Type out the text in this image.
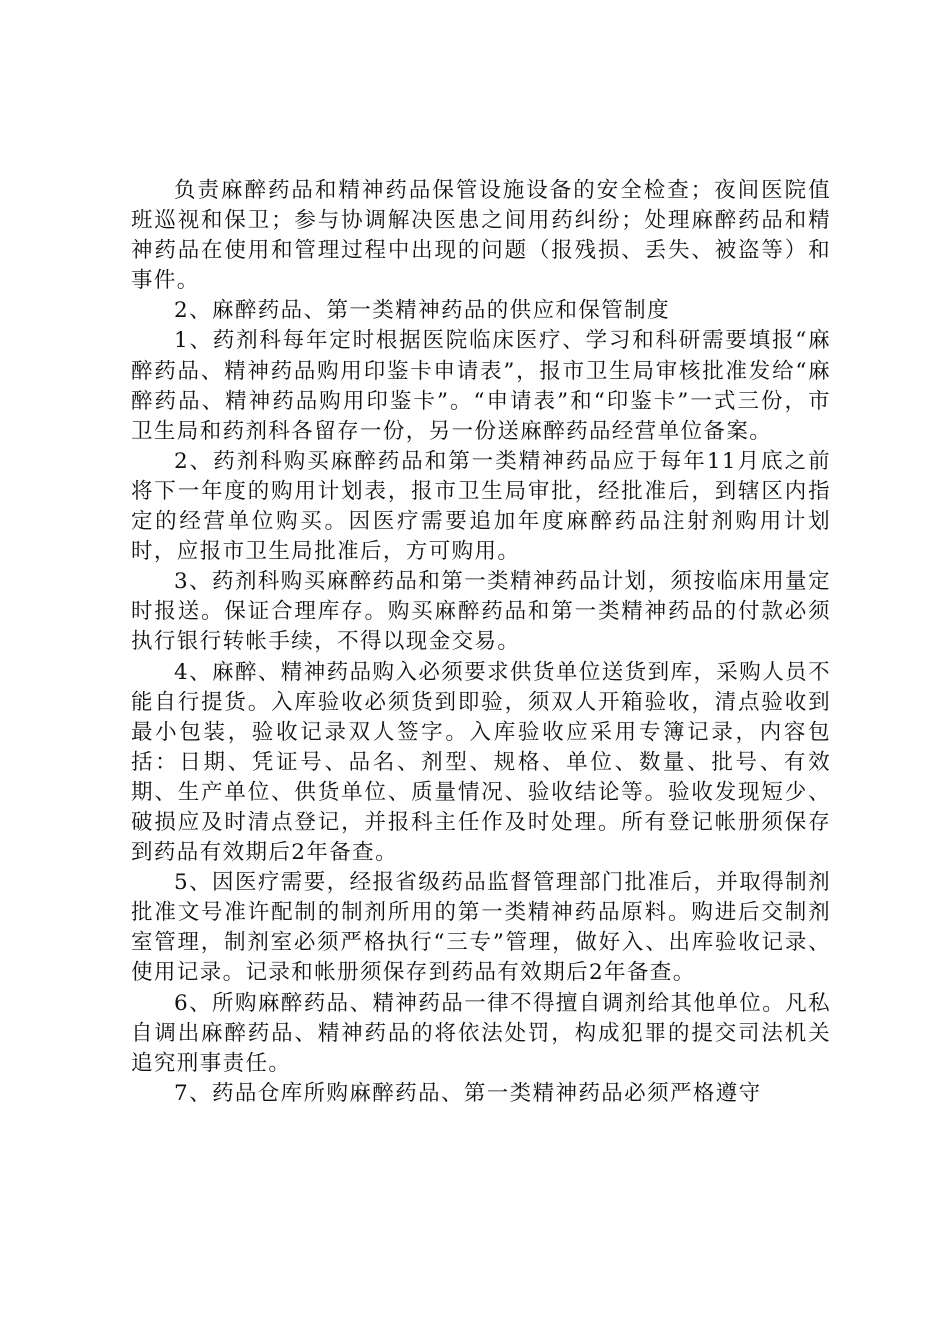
负责麻醉药品和精神药品保管设施设备的安全检查；夜间医院值班巡视和保卫；参与协调解决医患之间用药纠纷；处理麻醉药品和精神药品在使用和管理过程中出现的问题（报残损、丢失、被盗等）和事件。

2、麻醉药品、第一类精神药品的供应和保管制度

1、药剂科每年定时根据医院临床医疗、学习和科研需要填报“麻醉药品、精神药品购用印鉴卡申请表”，报市卫生局审核批准发给“麻醉药品、精神药品购用印鉴卡”。“申请表”和“印鉴卡”一式三份，市卫生局和药剂科各留存一份，另一份送麻醉药品经营单位备案。

2、药剂科购买麻醉药品和第一类精神药品应于每年11月底之前将下一年度的购用计划表，报市卫生局审批，经批准后，到辖区内指定的经营单位购买。因医疗需要追加年度麻醉药品注射剂购用计划时，应报市卫生局批准后，方可购用。

3、药剂科购买麻醉药品和第一类精神药品计划，须按临床用量定时报送。保证合理库存。购买麻醉药品和第一类精神药品的付款必须执行银行转帐手续，不得以现金交易。

4、麻醉、精神药品购入必须要求供货单位送货到库，采购人员不能自行提货。入库验收必须货到即验，须双人开箱验收，清点验收到最小包装，验收记录双人签字。入库验收应采用专簿记录，内容包括：日期、凭证号、品名、剂型、规格、单位、数量、批号、有效期、生产单位、供货单位、质量情况、验收结论等。验收发现短少、破损应及时清点登记，并报科主任作及时处理。所有登记帐册须保存到药品有效期后2年备查。

5、因医疗需要，经报省级药品监督管理部门批准后，并取得制剂批准文号准许配制的制剂所用的第一类精神药品原料。购进后交制剂室管理，制剂室必须严格执行“三专”管理，做好入、出库验收记录、使用记录。记录和帐册须保存到药品有效期后2年备查。

6、所购麻醉药品、精神药品一律不得擅自调剂给其他单位。凡私自调出麻醉药品、精神药品的将依法处罚，构成犯罪的提交司法机关追究刑事责任。

7、药品仓库所购麻醉药品、第一类精神药品必须严格遵守
